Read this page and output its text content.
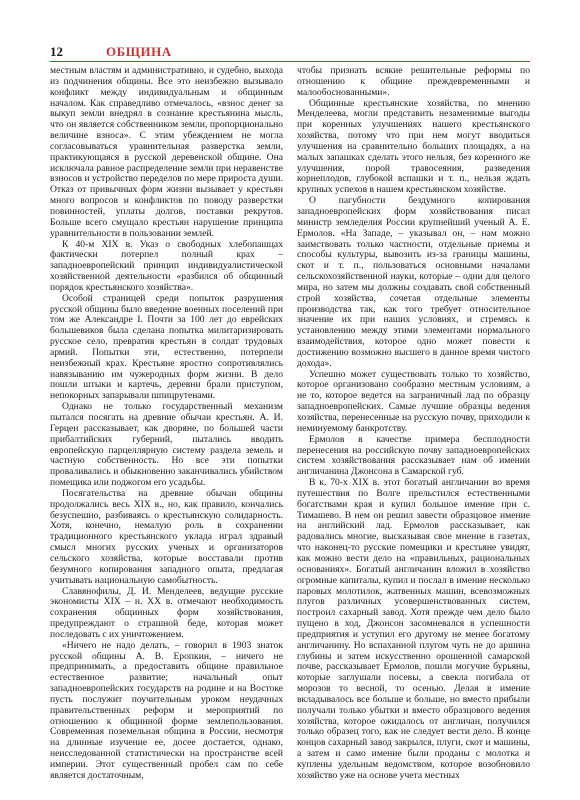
12	ОБЩИНА

местным властям и административно, и судебно, выхода из подчинения общины. Все это неизбежно вызывало конфликт между индивидуальным и общинным началом. Как справедливо отмечалось, «взнос денег за выкуп земли внедрял в сознание крестьянина мысль, что он является собственником земли, пропорционально величине взноса». С этим убеждением не могла согласовываться уравнительная разверстка земли, практикующаяся в русской деревенской общине. Она исключала равное распределение земли при неравенстве взносов и устройство переделов по мере прироста души. Отказ от привычных форм жизни вызывает у крестьян много вопросов и конфликтов по поводу разверстки повинностей, уплаты долгов, поставки рекрутов. Больше всего смущало крестьян нарушение принципа уравнительности в пользовании землей.

К 40-м XIX в. Указ о свободных хлебопашцах фактически потерпел полный крах – западноевропейский принцип индивидуалистической хозяйственной деятельности «разбился об общинный порядок крестьянского хозяйства».

Особой страницей среди попыток разрушения русской общины было введение военных поселений при том же Александре I. Почти за 100 лет до еврейских большевиков была сделана попытка милитаризировать русское село, превратив крестьян в солдат трудовых армий. Попытки эти, естественно, потерпели неизбежный крах. Крестьяне яростно сопротивлялись навязыванию им чужеродных форм жизни. В дело пошли штыки и картечь, деревни брали приступом, непокорных запарывали шпицрутенами.

Однако не только государственный механизм пытался посягать на древние обычаи крестьян. А. И. Герцен рассказывает, как дворяне, по большей части прибалтийских губерний, пытались вводить европейскую парцеллярную систему раздела земель и частную собственность. Но все эти попытки проваливались и обыкновенно заканчивались убийством помещика или поджогом его усадьбы.

Посягательства на древние обычаи общины продолжались весь XIX в., но, как правило, кончались безуспешно, разбиваясь о крестьянскую солидарность. Хотя, конечно, немалую роль в сохранении традиционного крестьянского уклада играл здравый смысл многих русских ученых и организаторов сельского хозяйства, которые восставали против безумного копирования западного опыта, предлагая учитывать национальную самобытность.

Славянофилы, Д. И. Менделеев, ведущие русские экономисты XIX – н. XX в. отмечают необходимость сохранения общинных форм хозяйствования, предупреждают о страшной беде, которая может последовать с их уничтожением.

«Ничего не надо делать, – говорил в 1903 знаток русской общины А. В. Еропкин, – ничего не предпринимать, а предоставить общине правильное естественное развитие; начальный опыт западноевропейских государств на родине и на Востоке пусть послужит поучительным уроком неудачных правительственных реформ и мероприятий по отношению к общинной форме землепользования. Современная поземельная община в России, несмотря на длинные изучение ее, досее достается, однако, неисследованной статистически на пространстве всей империи. Этот существенный пробел сам по себе является достаточным,

чтобы признать всякие решительные реформы по отношению к общине преждевременными и малообоснованными».

Общинные крестьянские хозяйства, по мнению Менделеева, могли представить незаменимые выгоды при коренных улучшениях нашего крестьянского хозяйства, потому что при нем могут вводиться улучшения на сравнительно больших площадях, а на малых запашках сделать этого нельзя, без коренного же улучшения, порой травосеяния, разведения корнеплодов, глубокой вспашки и т. п., нельзя ждать крупных успехов в нашем крестьянском хозяйстве.

О пагубности бездумного копирования западноевропейских форм хозяйствования писал министр земледелия России крупнейший ученый А. Е. Ермолов. «На Западе, – указывал он, – нам можно заимствовать только частности, отдельные приемы и способы культуры, вывозить из-за границы машины, скот и т. п., пользоваться основными началами сельскохозяйственной науки, которые – одни для целого мира, но затем мы должны создавать свой собственный строй хозяйства, сочетая отдельные элементы производства так, как того требует относительное значение их при наших условиях, и стремясь к установлению между этими элементами нормального взаимодействия, которое одно может повести к достижению возможно высшего в данное время чистого дохода».

Успешно может существовать только то хозяйство, которое организовано сообразно местным условиям, а не то, которое ведется на заграничный лад по образцу западноевропейских. Самые лучшие образцы ведения хозяйства, перенесенные на русскую почву, приходили к неминуемому банкротству.

Ермолов в качестве примера бесплодности перенесения на российскую почву западноевропейских систем хозяйствования рассказывает нам об имении англичанина Джонсона в Самарской губ.

В к. 70-х XIX в. этот богатый англичанин во время путешествия по Волге прельстился естественными богатствами края и купил большое имение при с. Тимашево. В нем он решил завести образцовое имение на английский лад. Ермолов рассказывает, как радовались многие, высказывая свое мнение в газетах, что наконец-то русские помещики и крестьяне увидят, как можно вести дело на «правильных, рациональных основаниях». Богатый англичанин вложил в хозяйство огромные капиталы, купил и послал в имение несколько паровых молотилок, жатвенных машин, всевозможных плугов различных усовершенствованных систем, построил сахарный завод. Хотя прежде чем дело было пущено в ход, Джонсон засомневался в успешности предприятия и уступил его другому не менее богатому англичанину. Но вспаханной плугом чуть не до аршина глубины и затем искусственно орошенной самарской почве, рассказывает Ермолов, пошли могучие бурьяны, которые заглушали посевы, а свекла погибала от морозов то весной, то осенью. Делая в имение вкладывалось все больше и больше, но вместо прибыли получали только убытки и вместо образцового ведения хозяйства, которое ожидалось от англичан, получился только образец того, как не следует вести дело. В конце концов сахарный завод закрылся, плуги, скот и машины, а затем и само имение были проданы с молотка и куплены удельным ведомством, которое возобновило хозяйство уже на основе учета местных
